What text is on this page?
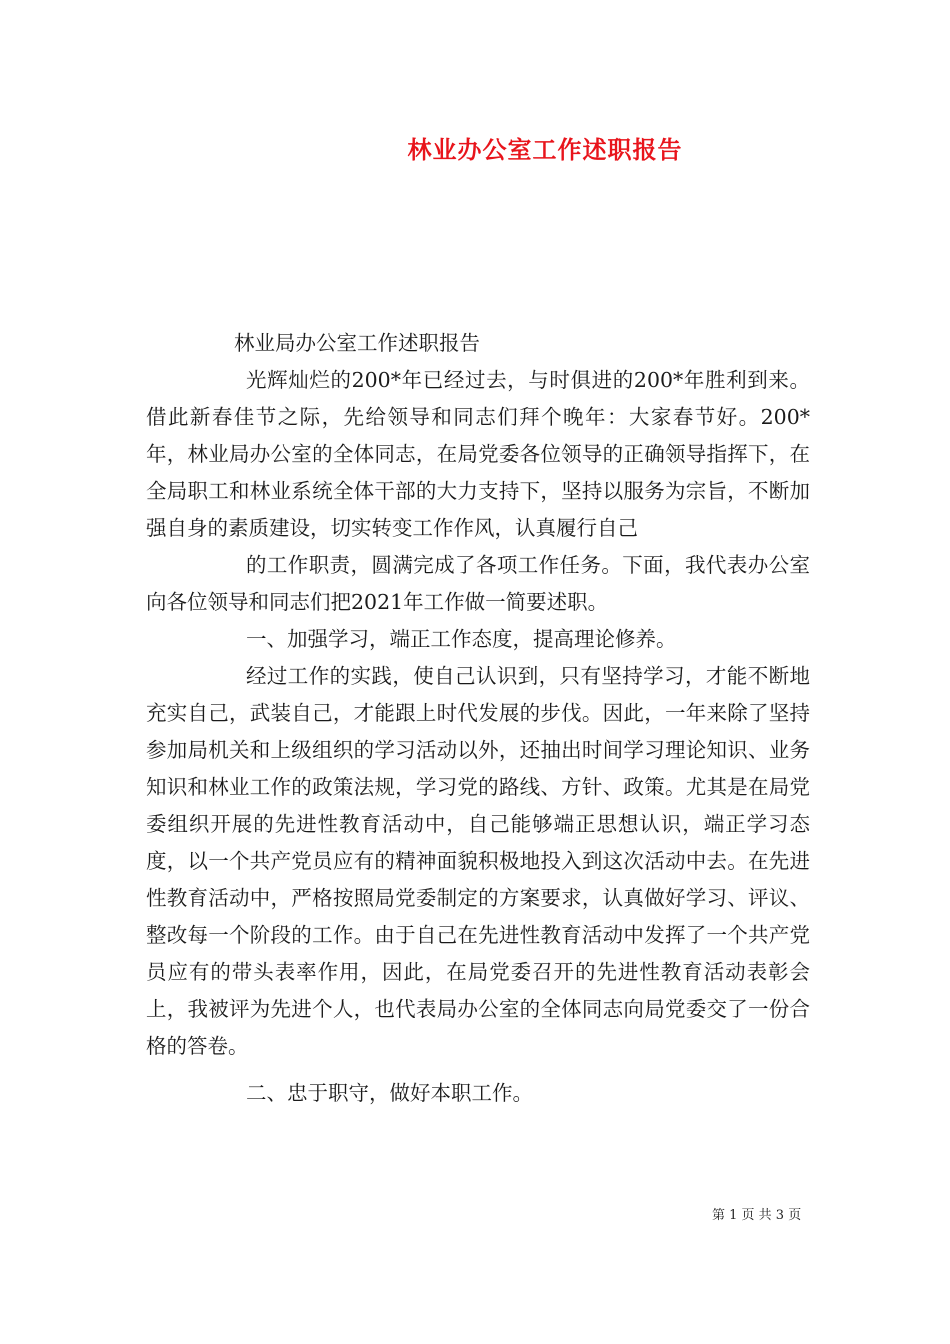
林业办公室工作述职报告

林业局办公室工作述职报告

光辉灿烂的200*年已经过去，与时俱进的200*年胜利到来。借此新春佳节之际，先给领导和同志们拜个晚年：大家春节好。200*年，林业局办公室的全体同志，在局党委各位领导的正确领导指挥下，在全局职工和林业系统全体干部的大力支持下，坚持以服务为宗旨，不断加强自身的素质建设，切实转变工作作风，认真履行自己

的工作职责，圆满完成了各项工作任务。下面，我代表办公室向各位领导和同志们把2021年工作做一简要述职。

一、加强学习，端正工作态度，提高理论修养。

经过工作的实践，使自己认识到，只有坚持学习，才能不断地充实自己，武装自己，才能跟上时代发展的步伐。因此，一年来除了坚持参加局机关和上级组织的学习活动以外，还抽出时间学习理论知识、业务知识和林业工作的政策法规，学习党的路线、方针、政策。尤其是在局党委组织开展的先进性教育活动中，自己能够端正思想认识，端正学习态度，以一个共产党员应有的精神面貌积极地投入到这次活动中去。在先进性教育活动中，严格按照局党委制定的方案要求，认真做好学习、评议、整改每一个阶段的工作。由于自己在先进性教育活动中发挥了一个共产党员应有的带头表率作用，因此，在局党委召开的先进性教育活动表彰会上，我被评为先进个人，也代表局办公室的全体同志向局党委交了一份合格的答卷。

二、忠于职守，做好本职工作。

第 1 页 共 3 页
